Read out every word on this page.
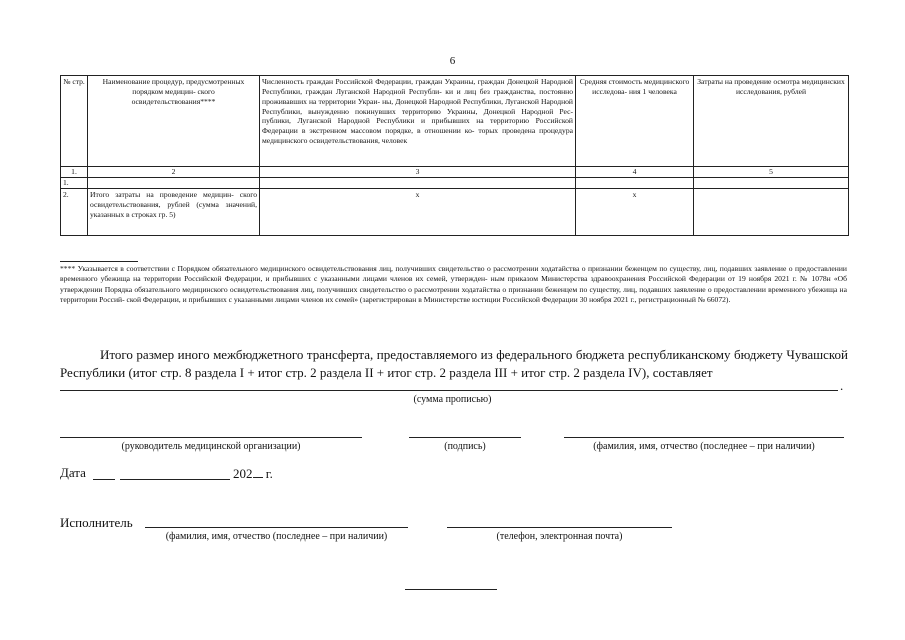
6
№ стр.	Наименование процедур, предусмотренных порядком медицин- ского освидетельствования****	Численность граждан Российской Федерации, граждан Украины, граждан Донецкой Народной Республики, граждан Луганской Народной Республи- ки и лиц без гражданства, постоянно проживавших на территории Украи- ны, Донецкой Народной Республики, Луганской Народной Республики, вынужденно покинувших территорию Украины, Донецкой Народной Рес- публики, Луганской Народной Республики и прибывших на территорию Российской Федерации в экстренном массовом порядке, в отношении ко- торых проведена процедура медицинского освидетельствования, человек	Средняя стоимость медицинского исследова- ния 1 человека	Затраты на проведение осмотра медицинских исследования, рублей
1.	2	3	4	5
1.				
2.	Итого затраты на проведение медицин- ского освидетельствования, рублей (сумма значений, указанных в строках гр. 5)	x	x	
**** Указывается в соответствии с Порядком обязательного медицинского освидетельствования лиц, получивших свидетельство о рассмотрении ходатайства о признании беженцем по существу, лиц, подавших заявление о предоставлении временного убежища на территории Российской Федерации, и прибывших с указанными лицами членов их семей, утвержден- ным приказом Министерства здравоохранения Российской Федерации от 19 ноября 2021 г. № 1078н «Об утверждении Порядка обязательного медицинского освидетельствования лиц, получивших свидетельство о рассмотрении ходатайства о признании беженцем по существу, лиц, подавших заявление о предоставлении временного убежища на территории Россий- ской Федерации, и прибывших с указанными лицами членов их семей» (зарегистрирован в Министерстве юстиции Российской Федерации 30 ноября 2021 г., регистрационный № 66072).
Итого размер иного межбюджетного трансферта, предоставляемого из федерального бюджета республиканскому бюджету Чувашской Республики (итог стр. 8 раздела I + итог стр. 2 раздела II + итог стр. 2 раздела III + итог стр. 2 раздела IV), составляет
.
(сумма прописью)
(руководитель медицинской организации)	(подпись)	(фамилия, имя, отчество (последнее – при наличии)
Дата	202 г.
Исполнитель
(фамилия, имя, отчество (последнее – при наличии)	(телефон, электронная почта)
